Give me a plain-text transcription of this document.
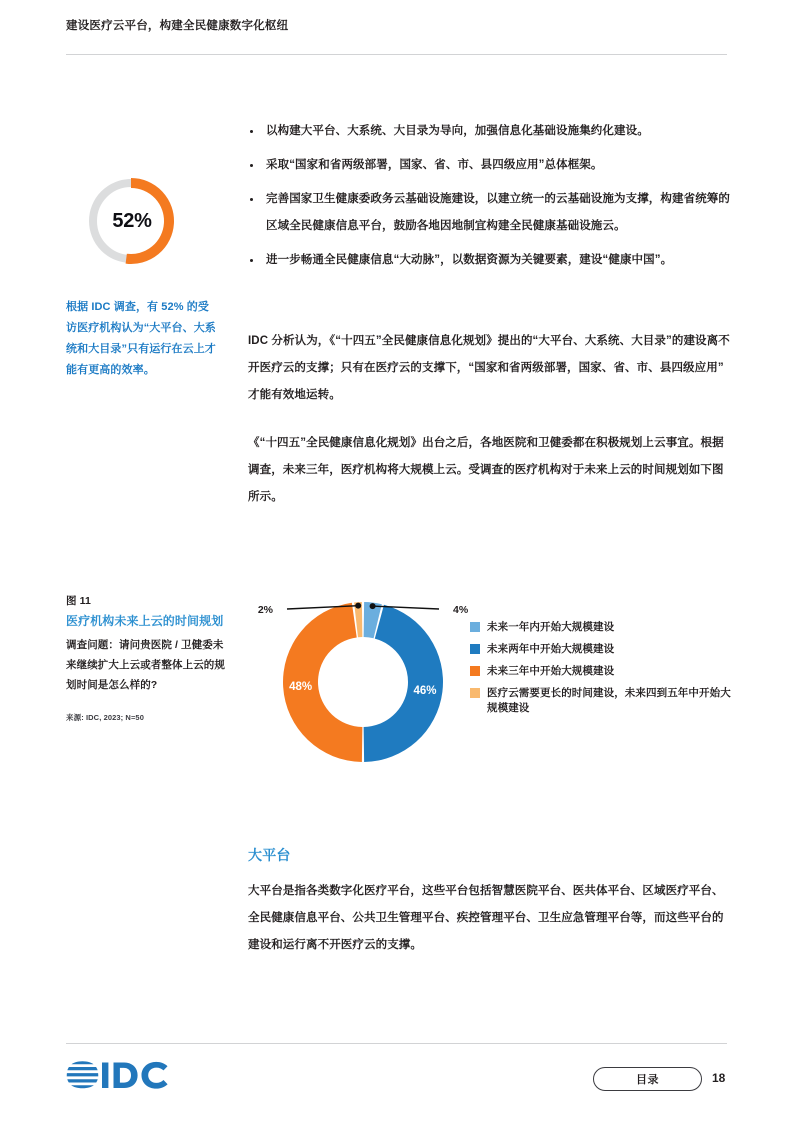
建设医疗云平台，构建全民健康数字化枢纽
52%
根据 IDC 调查，有 52% 的受访医疗机构认为“大平台、大系统和大目录”只有运行在云上才能有更高的效率。
图 11
医疗机构未来上云的时间规划
调查问题：请问贵医院 / 卫健委未来继续扩大上云或者整体上云的规划时间是怎么样的?
来源: IDC, 2023; N=50
以构建大平台、大系统、大目录为导向，加强信息化基础设施集约化建设。
采取“国家和省两级部署，国家、省、市、县四级应用”总体框架。
完善国家卫生健康委政务云基础设施建设，以建立统一的云基础设施为支撑，构建省统筹的区域全民健康信息平台，鼓励各地因地制宜构建全民健康基础设施云。
进一步畅通全民健康信息“大动脉”，以数据资源为关键要素，建设“健康中国”。
IDC 分析认为，《“十四五”全民健康信息化规划》提出的“大平台、大系统、大目录”的建设离不开医疗云的支撑；只有在医疗云的支撑下，“国家和省两级部署，国家、省、市、县四级应用”才能有效地运转。
《“十四五”全民健康信息化规划》出台之后，各地医院和卫健委都在积极规划上云事宜。根据调查，未来三年，医疗机构将大规模上云。受调查的医疗机构对于未来上云的时间规划如下图所示。
46%
48%
4%
2%
未来一年内开始大规模建设
未来两年中开始大规模建设
未来三年中开始大规模建设
医疗云需要更长的时间建设，未来四到五年中开始大规模建设
大平台
大平台是指各类数字化医疗平台，这些平台包括智慧医院平台、医共体平台、区域医疗平台、全民健康信息平台、公共卫生管理平台、疾控管理平台、卫生应急管理平台等，而这些平台的建设和运行离不开医疗云的支撑。
目录	18
